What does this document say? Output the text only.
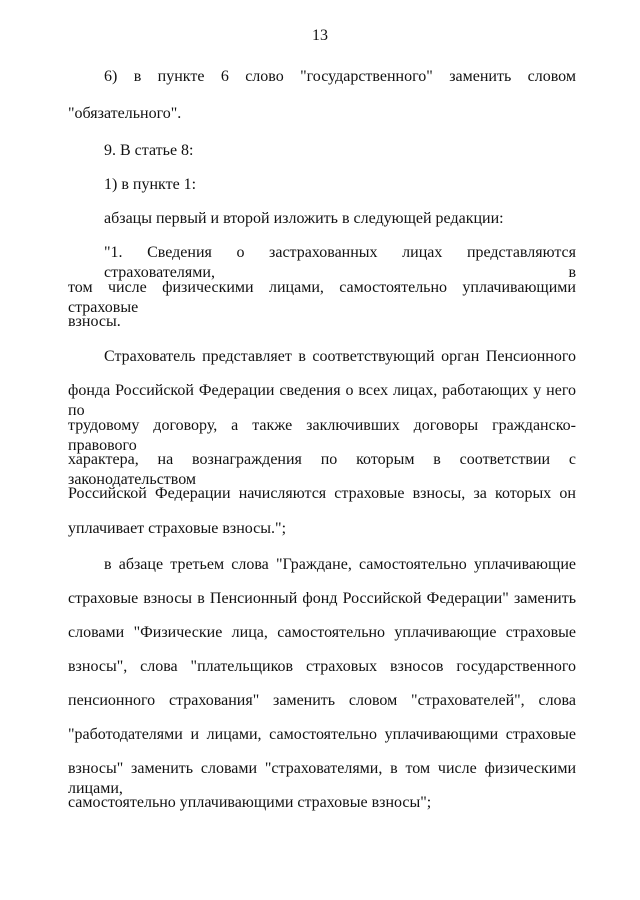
13
6) в пункте 6 слово "государственного" заменить словом
"обязательного".
9. В статье 8:
1) в пункте 1:
абзацы первый и второй изложить в следующей редакции:
"1. Сведения о застрахованных лицах представляются страхователями, в
том числе физическими лицами, самостоятельно уплачивающими страховые
взносы.
Страхователь представляет в соответствующий орган Пенсионного
фонда Российской Федерации сведения о всех лицах, работающих у него по
трудовому договору, а также заключивших договоры гражданско-правового
характера, на вознаграждения по которым в соответствии с законодательством
Российской Федерации начисляются страховые взносы, за которых он
уплачивает страховые взносы.";
в абзаце третьем слова "Граждане, самостоятельно уплачивающие
страховые взносы в Пенсионный фонд Российской Федерации" заменить
словами "Физические лица, самостоятельно уплачивающие страховые
взносы", слова "плательщиков страховых взносов государственного
пенсионного страхования" заменить словом "страхователей", слова
"работодателями и лицами, самостоятельно уплачивающими страховые
взносы" заменить словами "страхователями, в том числе физическими лицами,
самостоятельно уплачивающими страховые взносы";
